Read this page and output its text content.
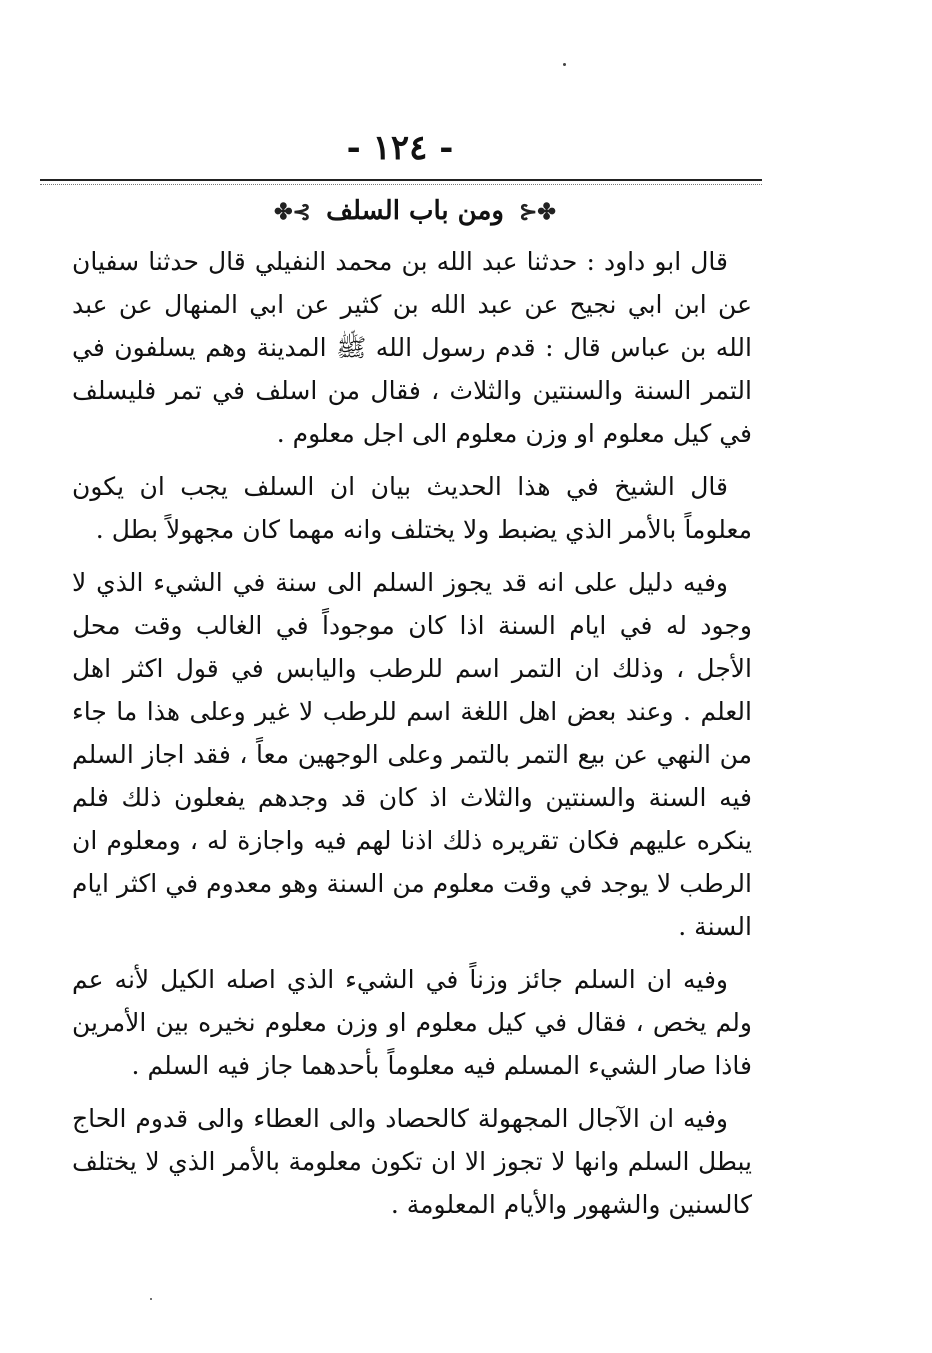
- ١٢٤ -
✤⊰ ومن باب السلف ⊱✤

قال ابو داود : حدثنا عبد الله بن محمد النفيلي قال حدثنا سفيان عن ابن ابي نجيح عن عبد الله بن كثير عن ابي المنهال عن عبد الله بن عباس قال : قدم رسول الله ﷺ المدينة وهم يسلفون في التمر السنة والسنتين والثلاث ، فقال من اسلف في تمر فليسلف في كيل معلوم او وزن معلوم الى اجل معلوم .

قال الشيخ في هذا الحديث بيان ان السلف يجب ان يكون معلوماً بالأمر الذي يضبط ولا يختلف وانه مهما كان مجهولاً بطل .

وفيه دليل على انه قد يجوز السلم الى سنة في الشيء الذي لا وجود له في ايام السنة اذا كان موجوداً في الغالب وقت محل الأجل ، وذلك ان التمر اسم للرطب واليابس في قول اكثر اهل العلم . وعند بعض اهل اللغة اسم للرطب لا غير وعلى هذا ما جاء من النهي عن بيع التمر بالتمر وعلى الوجهين معاً ، فقد اجاز السلم فيه السنة والسنتين والثلاث اذ كان قد وجدهم يفعلون ذلك فلم ينكره عليهم فكان تقريره ذلك اذنا لهم فيه واجازة له ، ومعلوم ان الرطب لا يوجد في وقت معلوم من السنة وهو معدوم في اكثر ايام السنة .

وفيه ان السلم جائز وزناً في الشيء الذي اصله الكيل لأنه عم ولم يخص ، فقال في كيل معلوم او وزن معلوم نخيره بين الأمرين فاذا صار الشيء المسلم فيه معلوماً بأحدهما جاز فيه السلم .

وفيه ان الآجال المجهولة كالحصاد والى العطاء والى قدوم الحاج يبطل السلم وانها لا تجوز الا ان تكون معلومة بالأمر الذي لا يختلف كالسنين والشهور والأيام المعلومة .
